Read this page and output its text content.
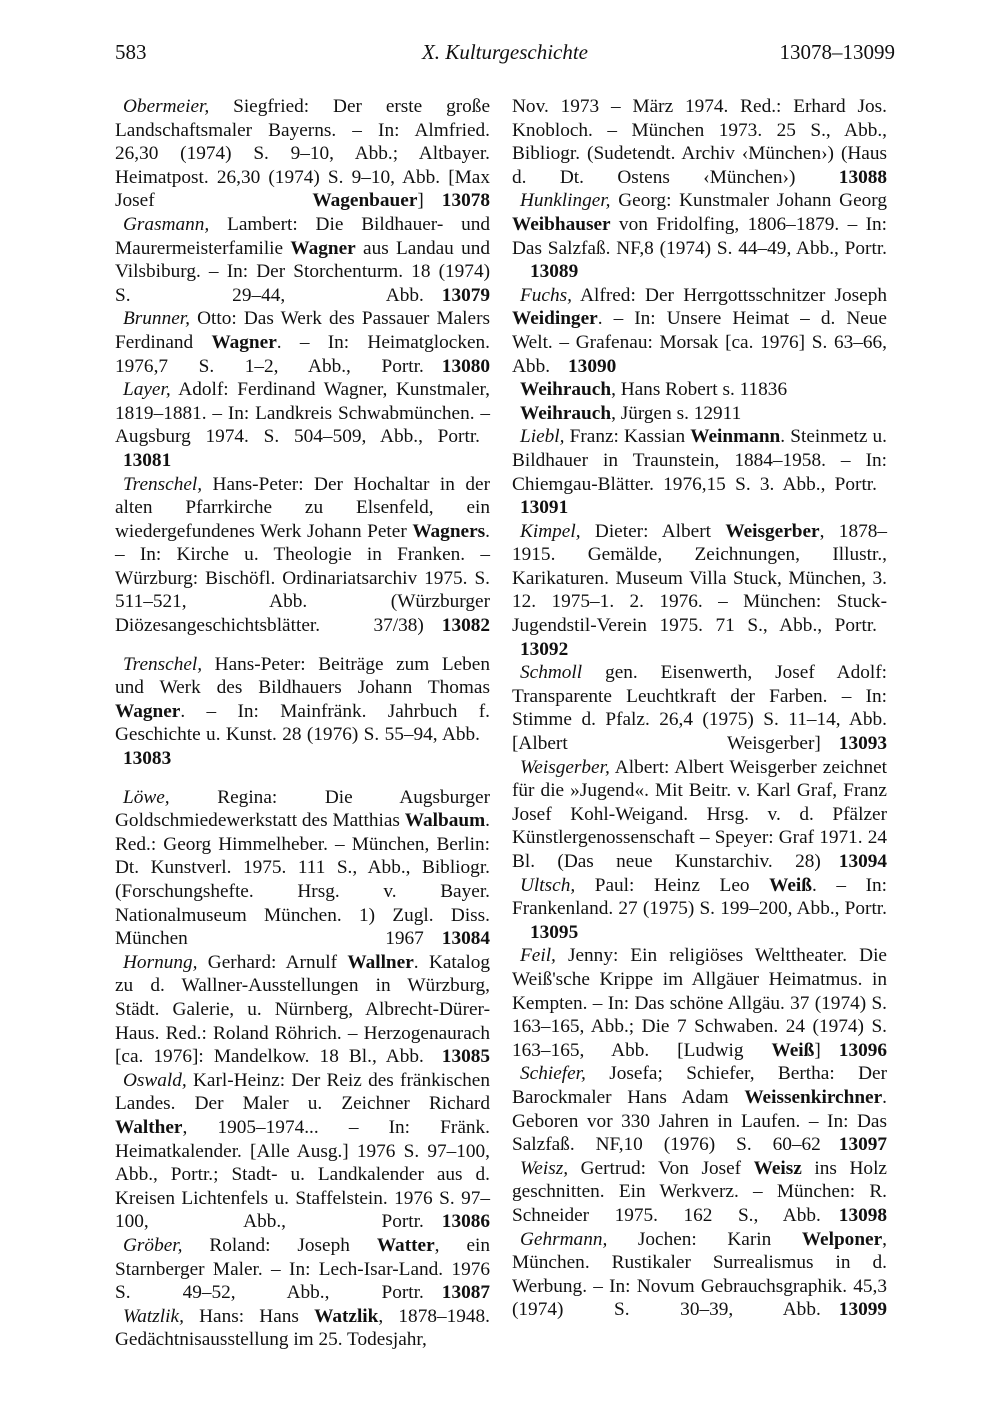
583	X. Kulturgeschichte	13078–13099

Obermeier, Siegfried: Der erste große Landschaftsmaler Bayerns. – In: Almfried. 26,30 (1974) S. 9–10, Abb.; Altbayer. Heimatpost. 26,30 (1974) S. 9–10, Abb. [Max Josef Wagenbauer] 13078

Grasmann, Lambert: Die Bildhauer- und Maurermeisterfamilie Wagner aus Landau und Vilsbiburg. – In: Der Storchenturm. 18 (1974) S. 29–44, Abb. 13079

Brunner, Otto: Das Werk des Passauer Malers Ferdinand Wagner. – In: Heimatglocken. 1976,7 S. 1–2, Abb., Portr. 13080

Layer, Adolf: Ferdinand Wagner, Kunstmaler, 1819–1881. – In: Landkreis Schwabmünchen. – Augsburg 1974. S. 504–509, Abb., Portr.13081

Trenschel, Hans-Peter: Der Hochaltar in der alten Pfarrkirche zu Elsenfeld, ein wiedergefundenes Werk Johann Peter Wagners. – In: Kirche u. Theologie in Franken. – Würzburg: Bischöfl. Ordinariatsarchiv 1975. S. 511–521, Abb. (Würzburger Diözesangeschichtsblätter. 37/38) 13082

Trenschel, Hans-Peter: Beiträge zum Leben und Werk des Bildhauers Johann Thomas Wagner. – In: Mainfränk. Jahrbuch f. Geschichte u. Kunst. 28 (1976) S. 55–94, Abb.13083

Löwe, Regina: Die Augsburger Goldschmiedewerkstatt des Matthias Walbaum. Red.: Georg Himmelheber. – München, Berlin: Dt. Kunstverl. 1975. 111 S., Abb., Bibliogr. (Forschungshefte. Hrsg. v. Bayer. Nationalmuseum München. 1) Zugl. Diss. München 1967 13084

Hornung, Gerhard: Arnulf Wallner. Katalog zu d. Wallner-Ausstellungen in Würzburg, Städt. Galerie, u. Nürnberg, Albrecht-Dürer-Haus. Red.: Roland Röhrich. – Herzogenaurach [ca. 1976]: Mandelkow. 18 Bl., Abb. 13085

Oswald, Karl-Heinz: Der Reiz des fränkischen Landes. Der Maler u. Zeichner Richard Walther, 1905–1974... – In: Fränk. Heimatkalender. [Alle Ausg.] 1976 S. 97–100, Abb., Portr.; Stadt- u. Landkalender aus d. Kreisen Lichtenfels u. Staffelstein. 1976 S. 97–100, Abb., Portr. 13086

Gröber, Roland: Joseph Watter, ein Starnberger Maler. – In: Lech-Isar-Land. 1976 S. 49–52, Abb., Portr. 13087

Watzlik, Hans: Hans Watzlik, 1878–1948. Gedächtnisausstellung im 25. Todesjahr,

Nov. 1973 – März 1974. Red.: Erhard Jos. Knobloch. – München 1973. 25 S., Abb., Bibliogr. (Sudetendt. Archiv ‹München›) (Haus d. Dt. Ostens ‹München›) 13088

Hunklinger, Georg: Kunstmaler Johann Georg Weibhauser von Fridolfing, 1806–1879. – In: Das Salzfaß. NF,8 (1974) S. 44–49, Abb., Portr.13089

Fuchs, Alfred: Der Herrgottsschnitzer Joseph Weidinger. – In: Unsere Heimat – d. Neue Welt. – Grafenau: Morsak [ca. 1976] S. 63–66, Abb. 13090

Weihrauch, Hans Robert s. 11836

Weihrauch, Jürgen s. 12911

Liebl, Franz: Kassian Weinmann. Steinmetz u. Bildhauer in Traunstein, 1884–1958. – In: Chiemgau-Blätter. 1976,15 S. 3. Abb., Portr.13091

Kimpel, Dieter: Albert Weisgerber, 1878–1915. Gemälde, Zeichnungen, Illustr., Karikaturen. Museum Villa Stuck, München, 3. 12. 1975–1. 2. 1976. – München: Stuck-Jugendstil-Verein 1975. 71 S., Abb., Portr.13092

Schmoll gen. Eisenwerth, Josef Adolf: Transparente Leuchtkraft der Farben. – In: Stimme d. Pfalz. 26,4 (1975) S. 11–14, Abb. [Albert Weisgerber] 13093

Weisgerber, Albert: Albert Weisgerber zeichnet für die »Jugend«. Mit Beitr. v. Karl Graf, Franz Josef Kohl-Weigand. Hrsg. v. d. Pfälzer Künstlergenossenschaft – Speyer: Graf 1971. 24 Bl. (Das neue Kunstarchiv. 28) 13094

Ultsch, Paul: Heinz Leo Weiß. – In: Frankenland. 27 (1975) S. 199–200, Abb., Portr.13095

Feil, Jenny: Ein religiöses Welttheater. Die Weiß'sche Krippe im Allgäuer Heimatmus. in Kempten. – In: Das schöne Allgäu. 37 (1974) S. 163–165, Abb.; Die 7 Schwaben. 24 (1974) S. 163–165, Abb. [Ludwig Weiß] 13096

Schiefer, Josefa; Schiefer, Bertha: Der Barockmaler Hans Adam Weissenkirchner. Geboren vor 330 Jahren in Laufen. – In: Das Salzfaß. NF,10 (1976) S. 60–62 13097

Weisz, Gertrud: Von Josef Weisz ins Holz geschnitten. Ein Werkverz. – München: R. Schneider 1975. 162 S., Abb. 13098

Gehrmann, Jochen: Karin Welponer, München. Rustikaler Surrealismus in d. Werbung. – In: Novum Gebrauchsgraphik. 45,3 (1974) S. 30–39, Abb. 13099
